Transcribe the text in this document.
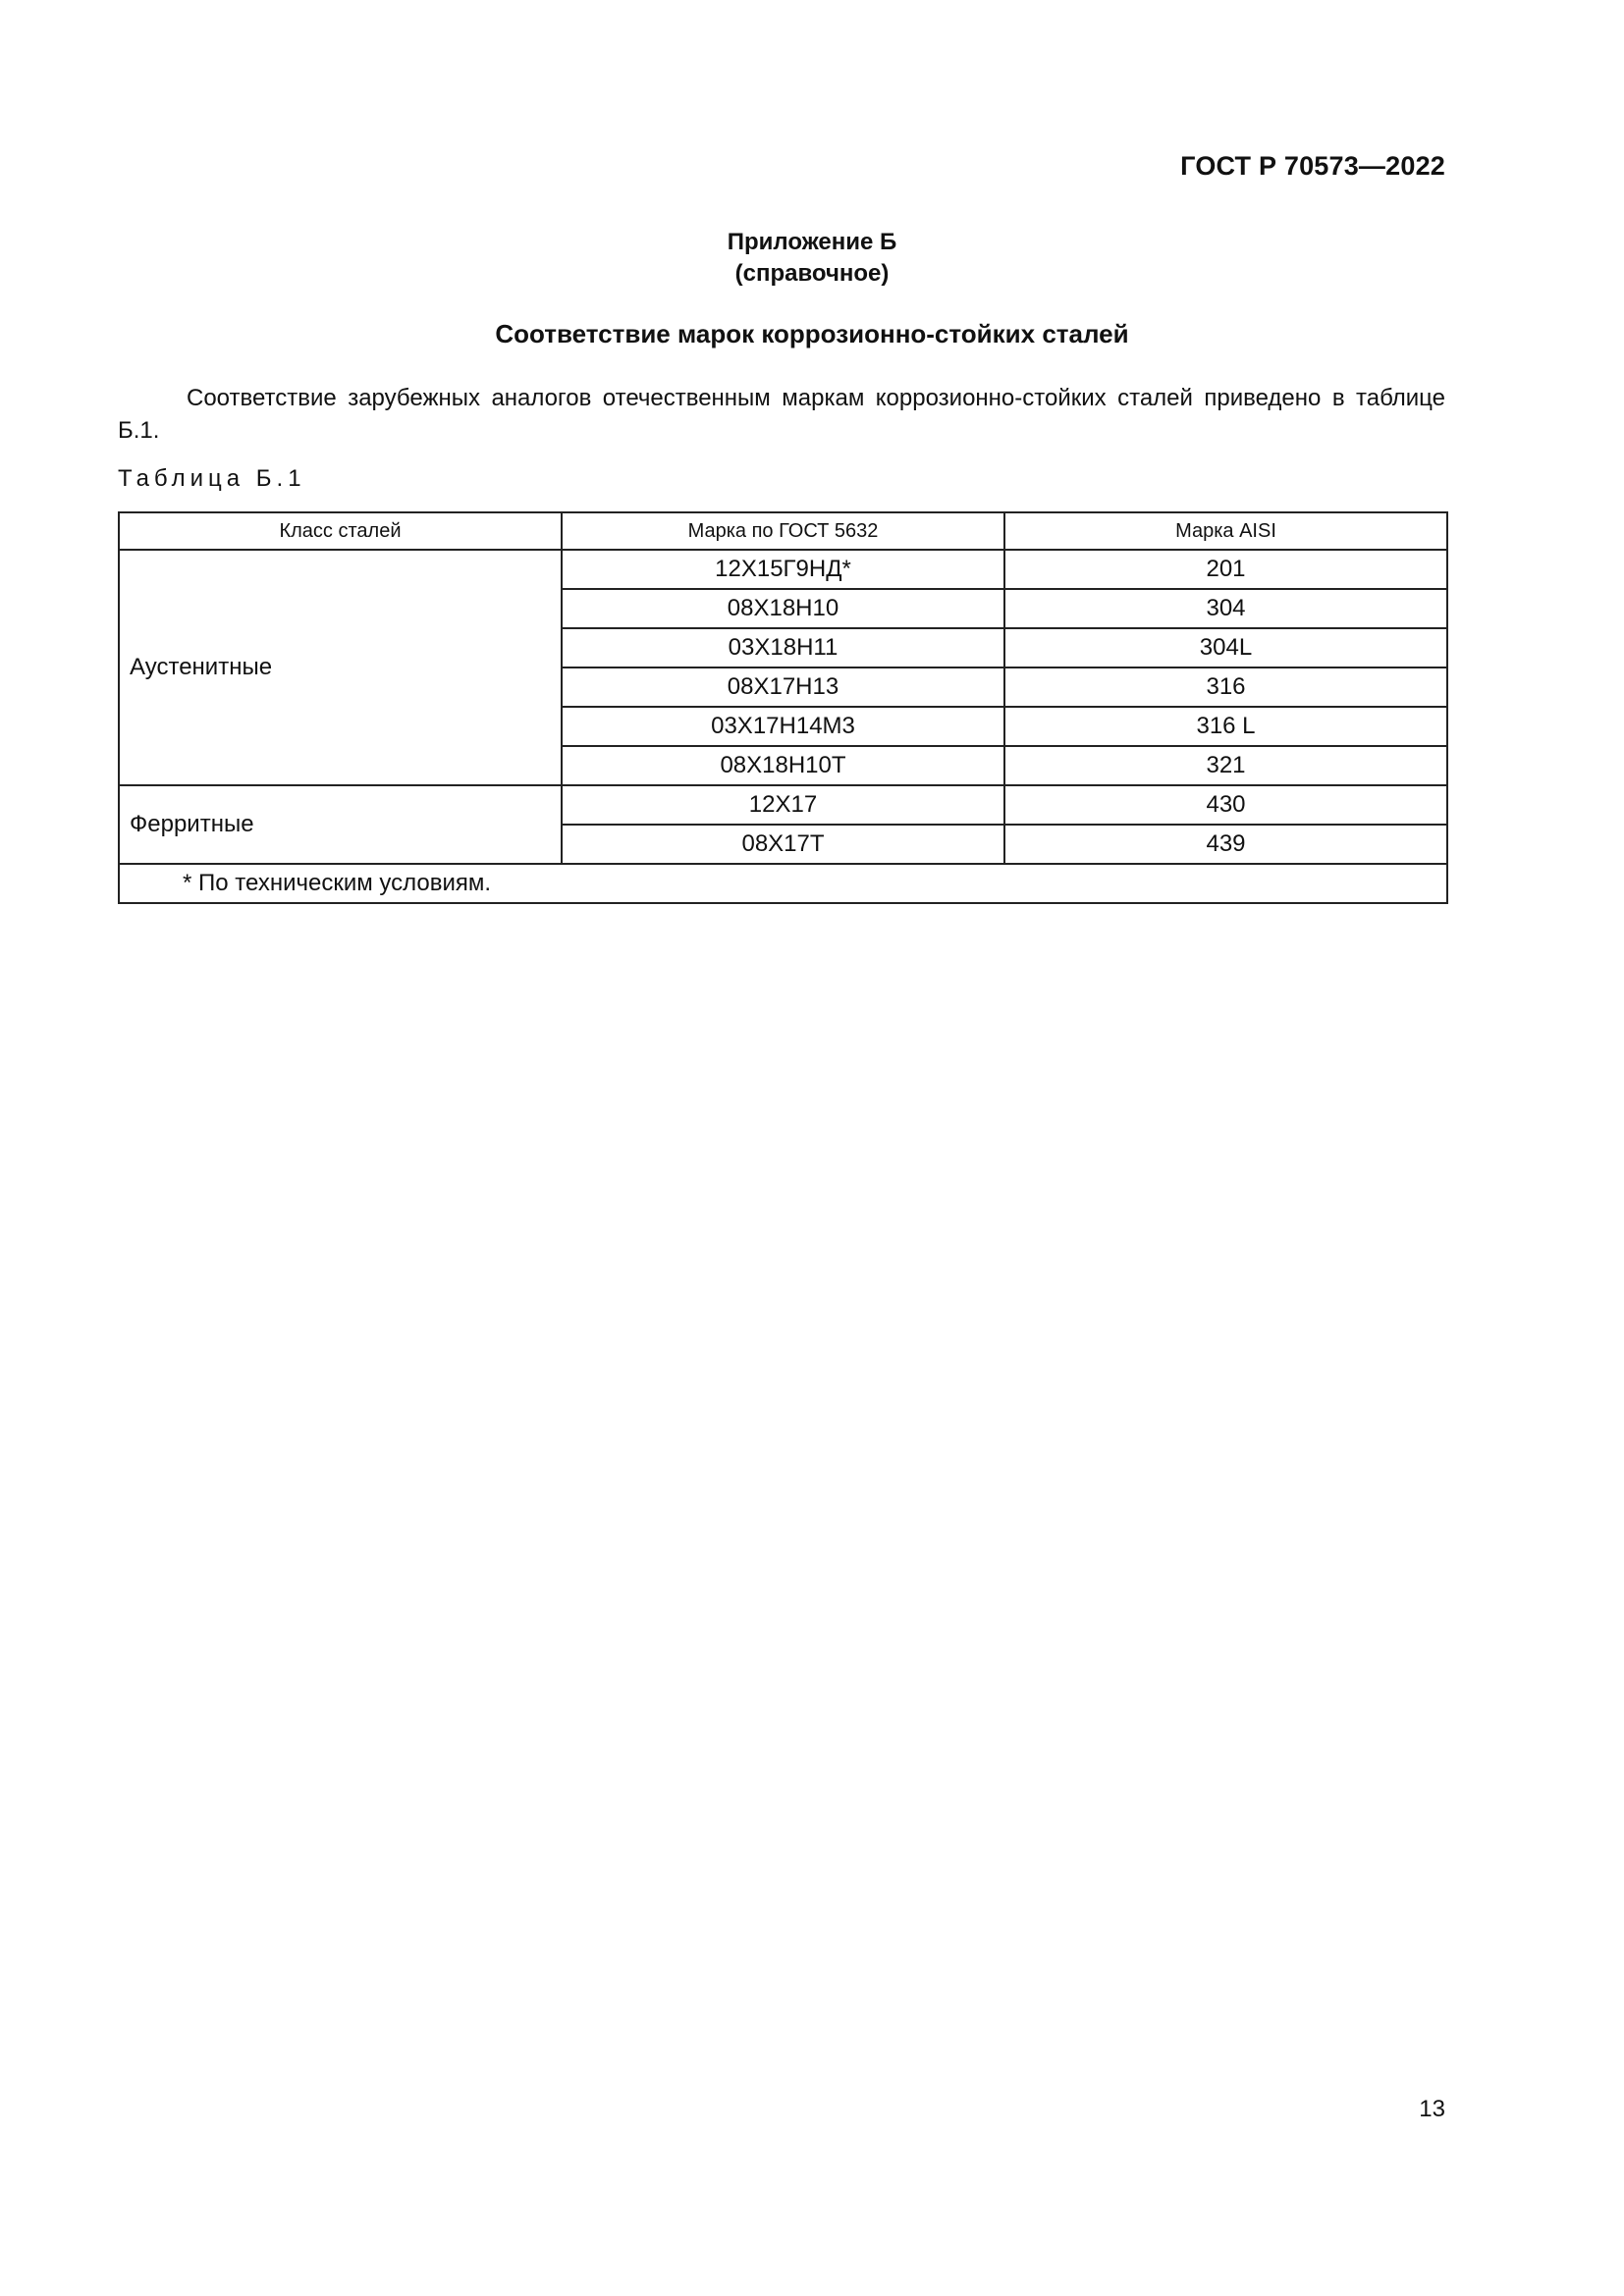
ГОСТ Р 70573—2022
Приложение Б
(справочное)
Соответствие марок коррозионно-стойких сталей
Соответствие зарубежных аналогов отечественным маркам коррозионно-стойких сталей приведено в таблице Б.1.
Таблица Б.1
Класс сталей	Марка по ГОСТ 5632	Марка AISI
Аустенитные	12Х15Г9НД*	201
	08Х18Н10	304
	03Х18Н11	304L
	08Х17Н13	316
	03Х17Н14М3	316 L
	08Х18Н10Т	321
Ферритные	12Х17	430
	08Х17Т	439
* По техническим условиям.		
13
